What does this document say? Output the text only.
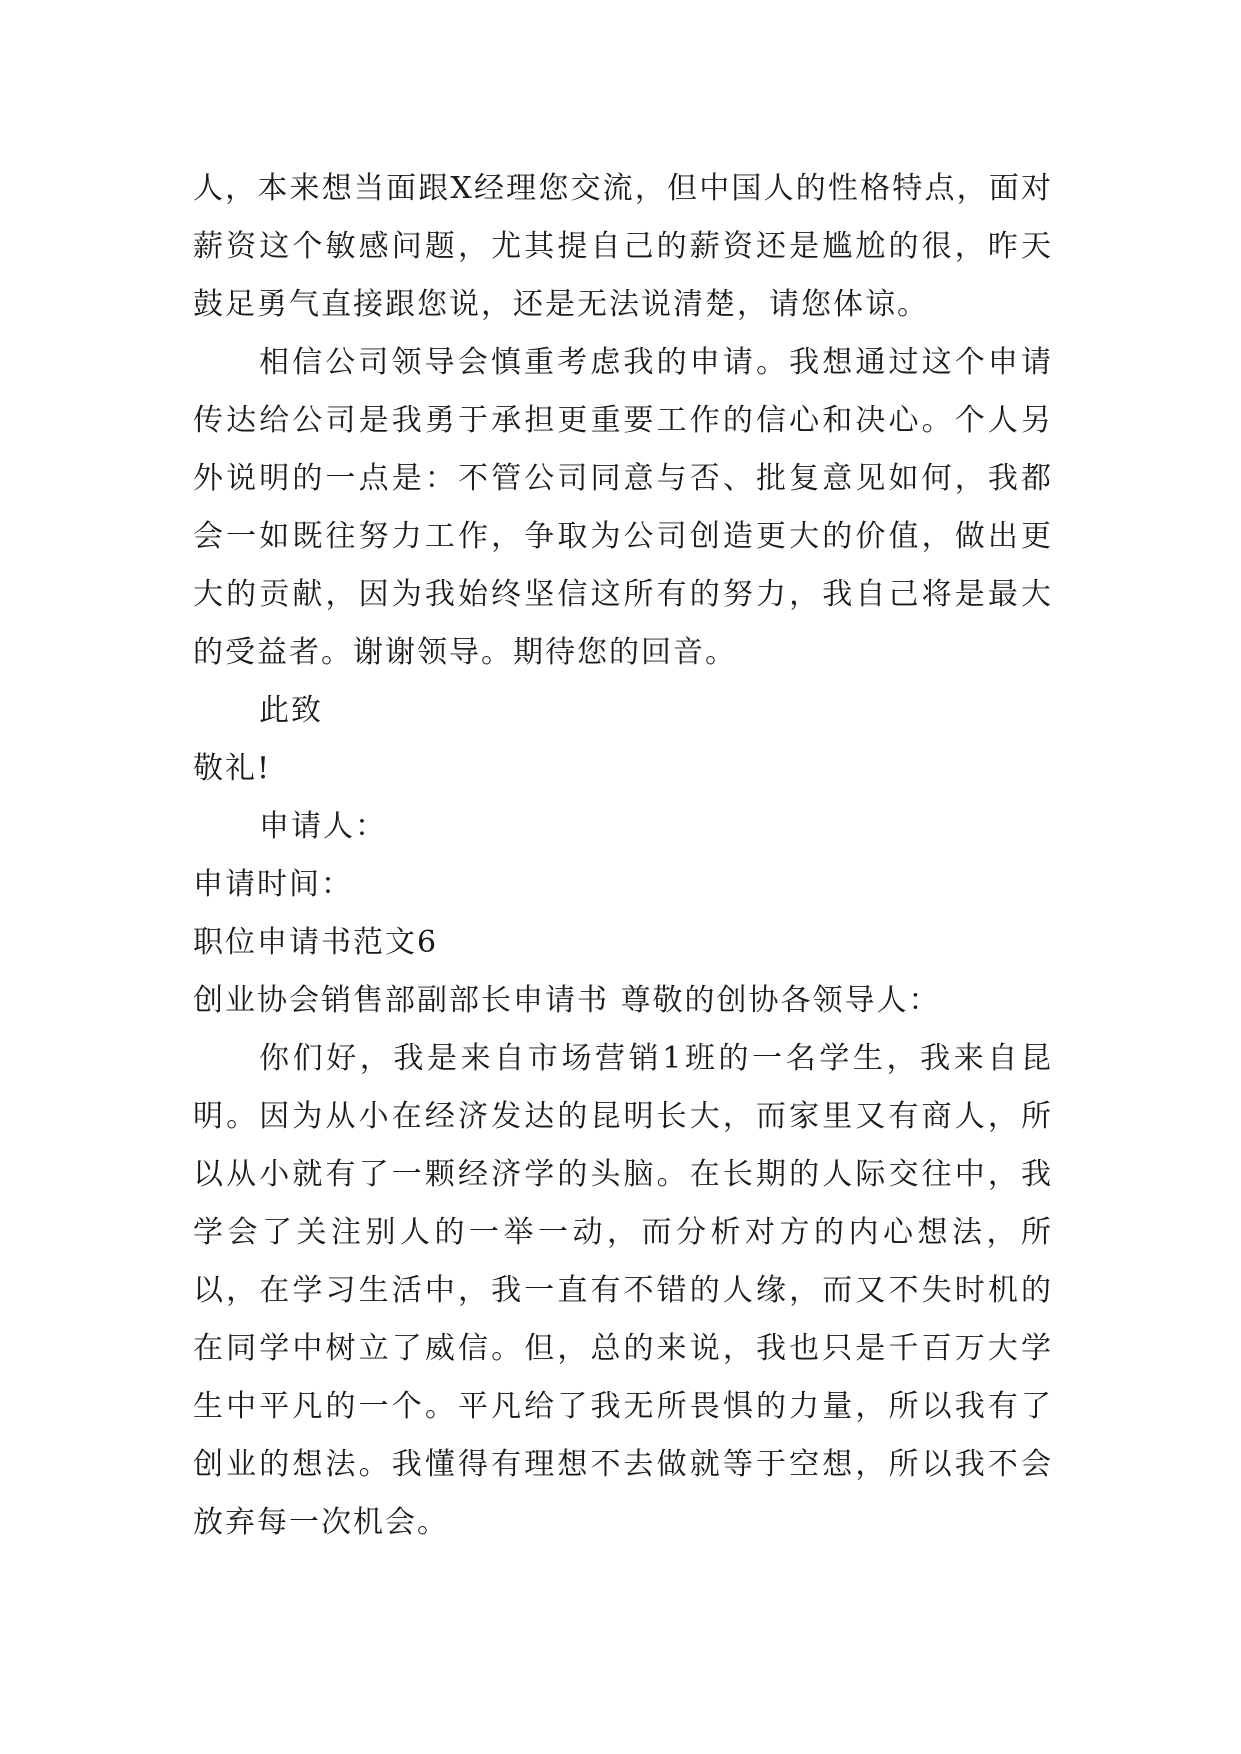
人，本来想当面跟X经理您交流，但中国人的性格特点，面对薪资这个敏感问题，尤其提自己的薪资还是尴尬的很，昨天鼓足勇气直接跟您说，还是无法说清楚，请您体谅。

相信公司领导会慎重考虑我的申请。我想通过这个申请传达给公司是我勇于承担更重要工作的信心和决心。个人另外说明的一点是：不管公司同意与否、批复意见如何，我都会一如既往努力工作，争取为公司创造更大的价值，做出更大的贡献，因为我始终坚信这所有的努力，我自己将是最大的受益者。谢谢领导。期待您的回音。

此致

敬礼!

申请人：

申请时间：

职位申请书范文6

创业协会销售部副部长申请书 尊敬的创协各领导人：

你们好，我是来自市场营销1班的一名学生，我来自昆明。因为从小在经济发达的昆明长大，而家里又有商人，所以从小就有了一颗经济学的头脑。在长期的人际交往中，我学会了关注别人的一举一动，而分析对方的内心想法，所以，在学习生活中，我一直有不错的人缘，而又不失时机的在同学中树立了威信。但，总的来说，我也只是千百万大学生中平凡的一个。平凡给了我无所畏惧的力量，所以我有了创业的想法。我懂得有理想不去做就等于空想，所以我不会放弃每一次机会。
